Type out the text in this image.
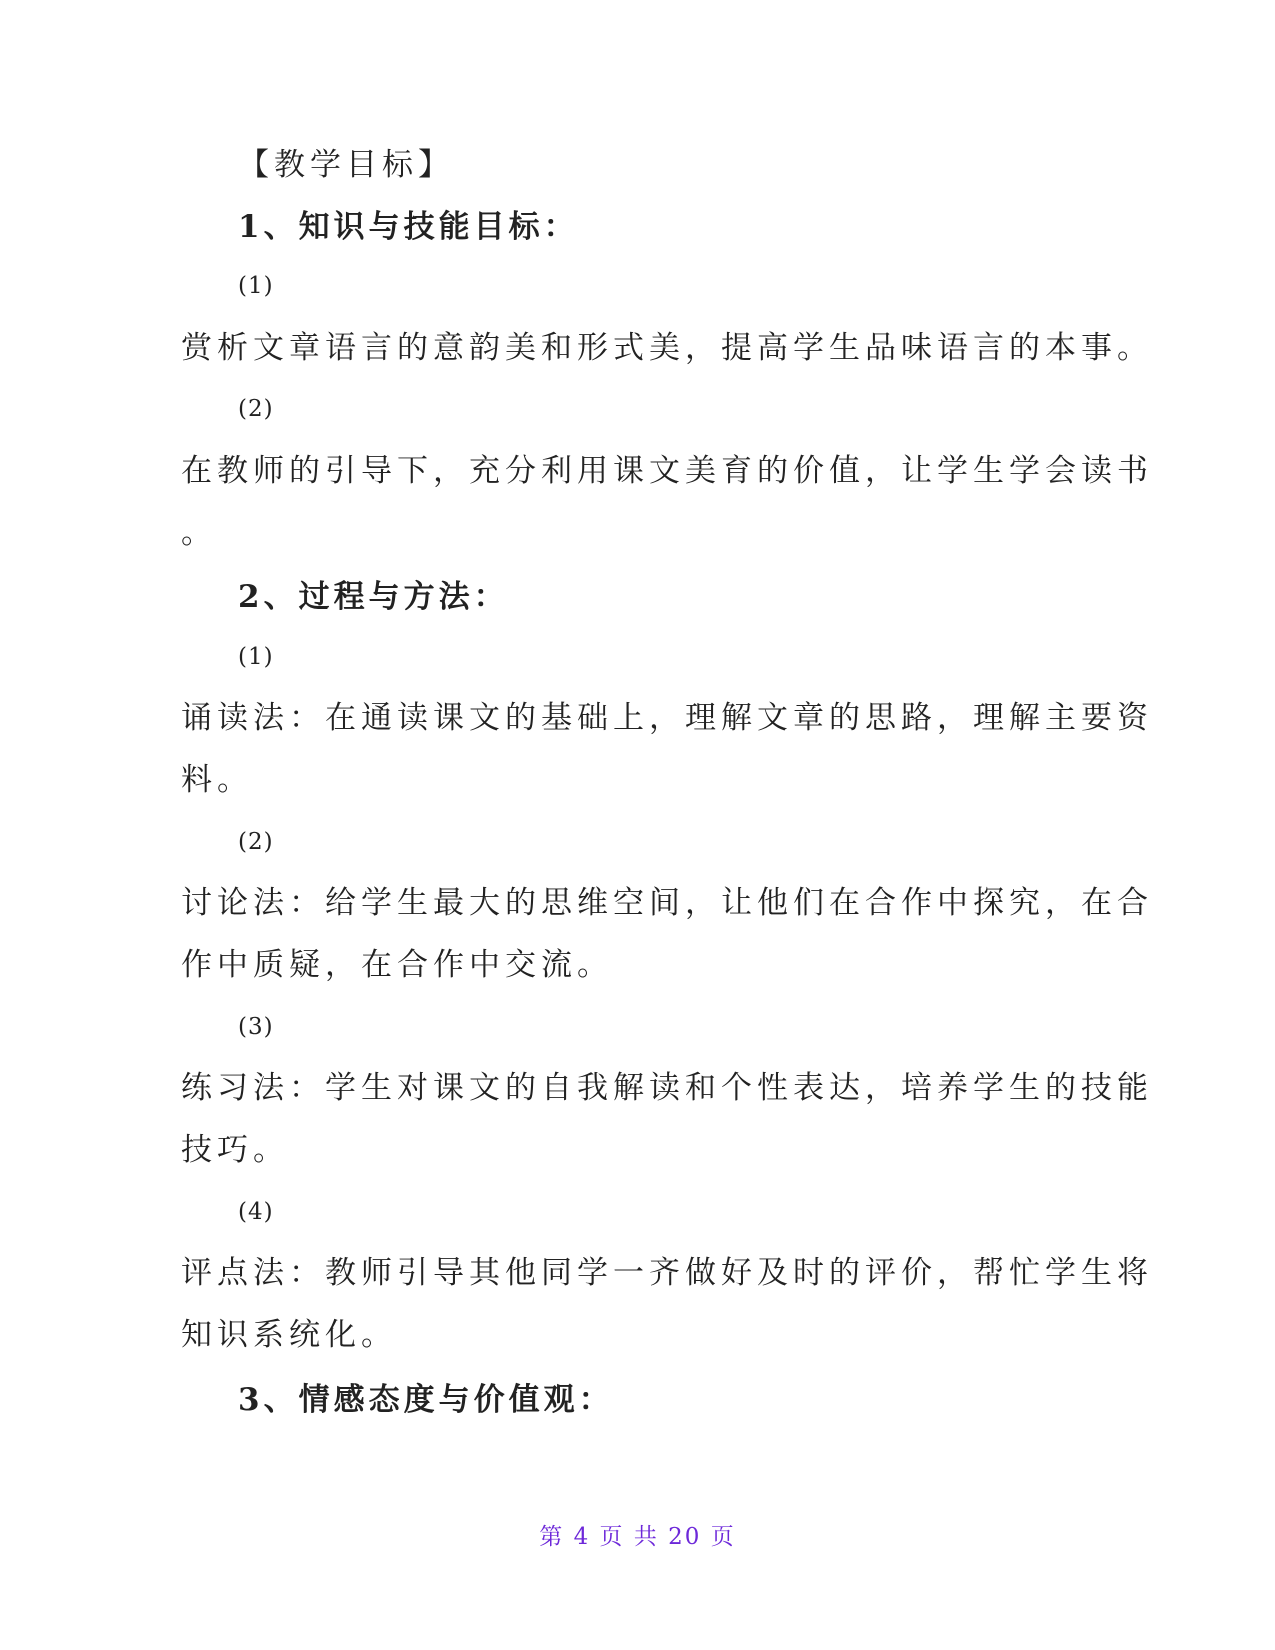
【教学目标】
1、知识与技能目标：
(1)
赏析文章语言的意韵美和形式美，提高学生品味语言的本事。
(2)
在教师的引导下，充分利用课文美育的价值，让学生学会读书
。
2、过程与方法：
(1)
诵读法：在通读课文的基础上，理解文章的思路，理解主要资
料。
(2)
讨论法：给学生最大的思维空间，让他们在合作中探究，在合
作中质疑，在合作中交流。
(3)
练习法：学生对课文的自我解读和个性表达，培养学生的技能
技巧。
(4)
评点法：教师引导其他同学一齐做好及时的评价，帮忙学生将
知识系统化。
3、情感态度与价值观：
第 4 页 共 20 页
